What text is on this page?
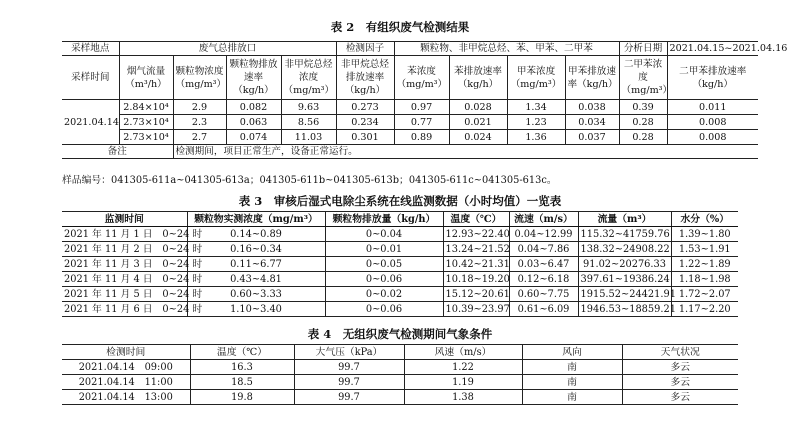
表 2　有组织废气检测结果
采样地点	废气总排放口				检测因子	颗粒物、非甲烷总烃、苯、甲苯、二甲苯				分析日期	2021.04.15~2021.04.16
采样时间	烟气流量（m³/h）	颗粒物浓度（mg/m³）	颗粒物排放速率（kg/h）	非甲烷总烃浓度（mg/m³）	非甲烷总烃排放速率（kg/h）	苯浓度（mg/m³）	苯排放速率（kg/h）	甲苯浓度（mg/m³）	甲苯排放速率（kg/h）	二甲苯浓度（mg/m³）	二甲苯排放速率（kg/h）
2021.04.14	2.84×10⁴	2.9	0.082	9.63	0.273	0.97	0.028	1.34	0.038	0.39	0.011
	2.73×10⁴	2.3	0.063	8.56	0.234	0.77	0.021	1.23	0.034	0.28	0.008
	2.73×10⁴	2.7	0.074	11.03	0.301	0.89	0.024	1.36	0.037	0.28	0.008
备注		检测期间，项目正常生产，设备正常运行。									
样品编号：041305-611a~041305-613a；041305-611b~041305-613b；041305-611c~041305-613c。
表 3　审核后湿式电除尘系统在线监测数据（小时均值）一览表
监测时间	颗粒物实测浓度（mg/m³）	颗粒物排放量（kg/h）	温度（℃）	流速（m/s）	流量（m³）	水分（%）
2021 年 11 月 1 日　0~24 时	0.14~0.89	0~0.04	12.93~22.40	0.04~12.99	115.32~41759.76	1.39~1.80
2021 年 11 月 2 日　0~24 时	0.16~0.34	0~0.01	13.24~21.52	0.04~7.86	138.32~24908.22	1.53~1.91
2021 年 11 月 3 日　0~24 时	0.11~6.77	0~0.05	10.42~21.31	0.03~6.47	91.02~20276.33	1.22~1.89
2021 年 11 月 4 日　0~24 时	0.43~4.81	0~0.06	10.18~19.20	0.12~6.18	397.61~19386.24	1.18~1.98
2021 年 11 月 5 日　0~24 时	0.60~3.33	0~0.02	15.12~20.61	0.60~7.75	1915.52~24421.91	1.72~2.07
2021 年 11 月 6 日　0~24 时	1.10~3.40	0~0.06	10.39~23.97	0.61~6.09	1946.53~18859.21	1.17~2.20
表 4　无组织废气检测期间气象条件
检测时间	温度（℃）	大气压（kPa）	风速（m/s）	风向	天气状况
2021.04.14　09:00	16.3	99.7	1.22	南	多云
2021.04.14　11:00	18.5	99.7	1.19	南	多云
2021.04.14　13:00	19.8	99.7	1.38	南	多云
